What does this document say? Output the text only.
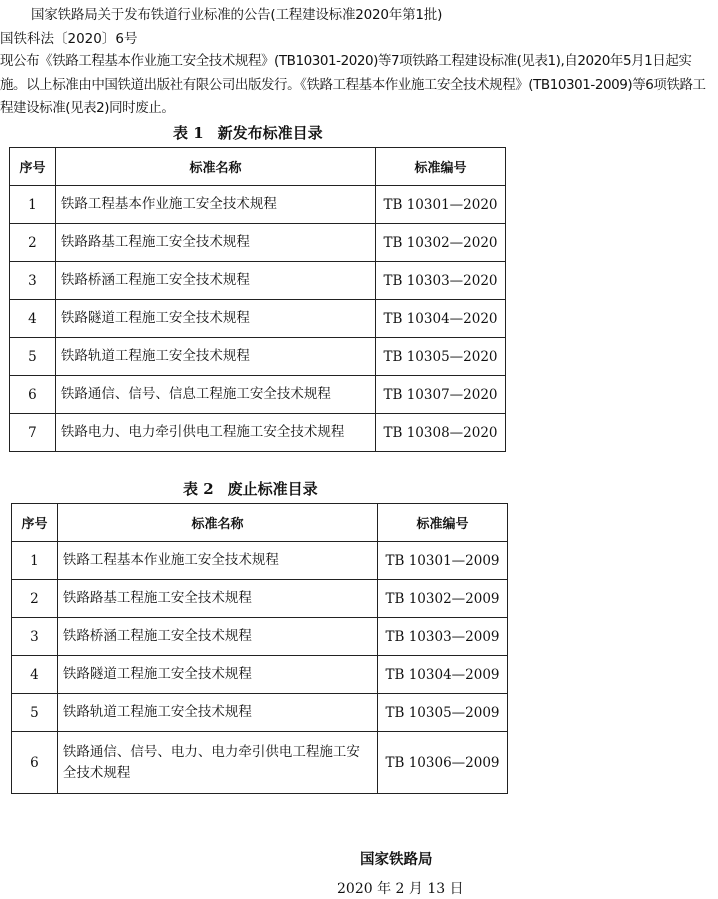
国家铁路局关于发布铁道行业标准的公告(工程建设标准2020年第1批)
国铁科法〔2020〕6号
现公布《铁路工程基本作业施工安全技术规程》(TB10301-2020)等7项铁路工程建设标准(见表1),自2020年5月1日起实施。以上标准由中国铁道出版社有限公司出版发行。《铁路工程基本作业施工安全技术规程》(TB10301-2009)等6项铁路工程建设标准(见表2)同时废止。
表 1 新发布标准目录
序号	标准名称	标准编号
1	铁路工程基本作业施工安全技术规程	TB 10301—2020
2	铁路路基工程施工安全技术规程	TB 10302—2020
3	铁路桥涵工程施工安全技术规程	TB 10303—2020
4	铁路隧道工程施工安全技术规程	TB 10304—2020
5	铁路轨道工程施工安全技术规程	TB 10305—2020
6	铁路通信、信号、信息工程施工安全技术规程	TB 10307—2020
7	铁路电力、电力牵引供电工程施工安全技术规程	TB 10308—2020
表 2 废止标准目录
序号	标准名称	标准编号
1	铁路工程基本作业施工安全技术规程	TB 10301—2009
2	铁路路基工程施工安全技术规程	TB 10302—2009
3	铁路桥涵工程施工安全技术规程	TB 10303—2009
4	铁路隧道工程施工安全技术规程	TB 10304—2009
5	铁路轨道工程施工安全技术规程	TB 10305—2009
6	铁路通信、信号、电力、电力牵引供电工程施工安全技术规程	TB 10306—2009
国家铁路局
2020 年 2 月 13 日
